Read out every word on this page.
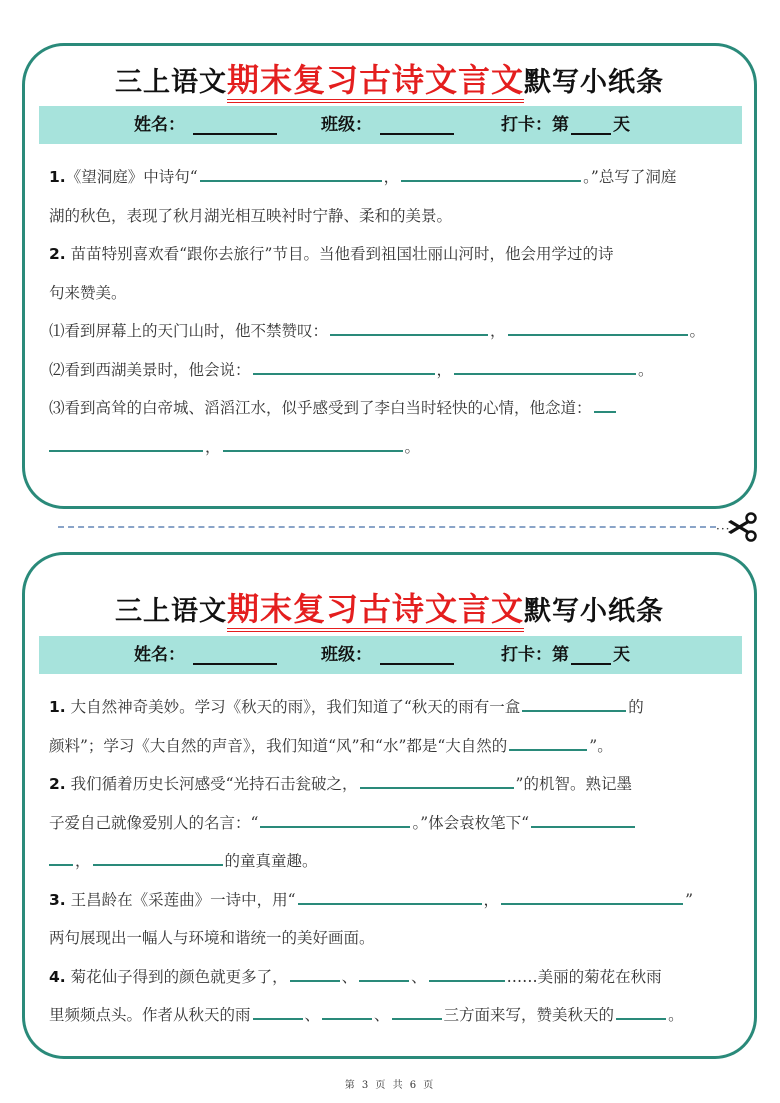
三上语文期末复习古诗文言文默写小纸条
姓名：	班级：	打卡：第	天
1.《望洞庭》中诗句“	，	。”总写了洞庭
湖的秋色，表现了秋月湖光相互映衬时宁静、柔和的美景。
2. 苗苗特别喜欢看“跟你去旅行”节目。当他看到祖国壮丽山河时，他会用学过的诗
句来赞美。
⑴看到屏幕上的天门山时，他不禁赞叹：	，	。
⑵看到西湖美景时，他会说：	，	。
⑶看到高耸的白帝城、滔滔江水，似乎感受到了李白当时轻快的心情，他念道：
，	。
···
三上语文期末复习古诗文言文默写小纸条
姓名：	班级：	打卡：第	天
1. 大自然神奇美妙。学习《秋天的雨》，我们知道了“秋天的雨有一盒	的
颜料”；学习《大自然的声音》，我们知道“风”和“水”都是“大自然的	”。
2. 我们循着历史长河感受“光持石击瓮破之，	”的机智。熟记墨
子爱自己就像爱别人的名言：“	。”体会袁枚笔下“
，	的童真童趣。
3. 王昌龄在《采莲曲》一诗中，用“	，	”
两句展现出一幅人与环境和谐统一的美好画面。
4. 菊花仙子得到的颜色就更多了，	、	、	……美丽的菊花在秋雨
里频频点头。作者从秋天的雨	、	、	三方面来写，赞美秋天的	。
第 3 页 共 6 页
